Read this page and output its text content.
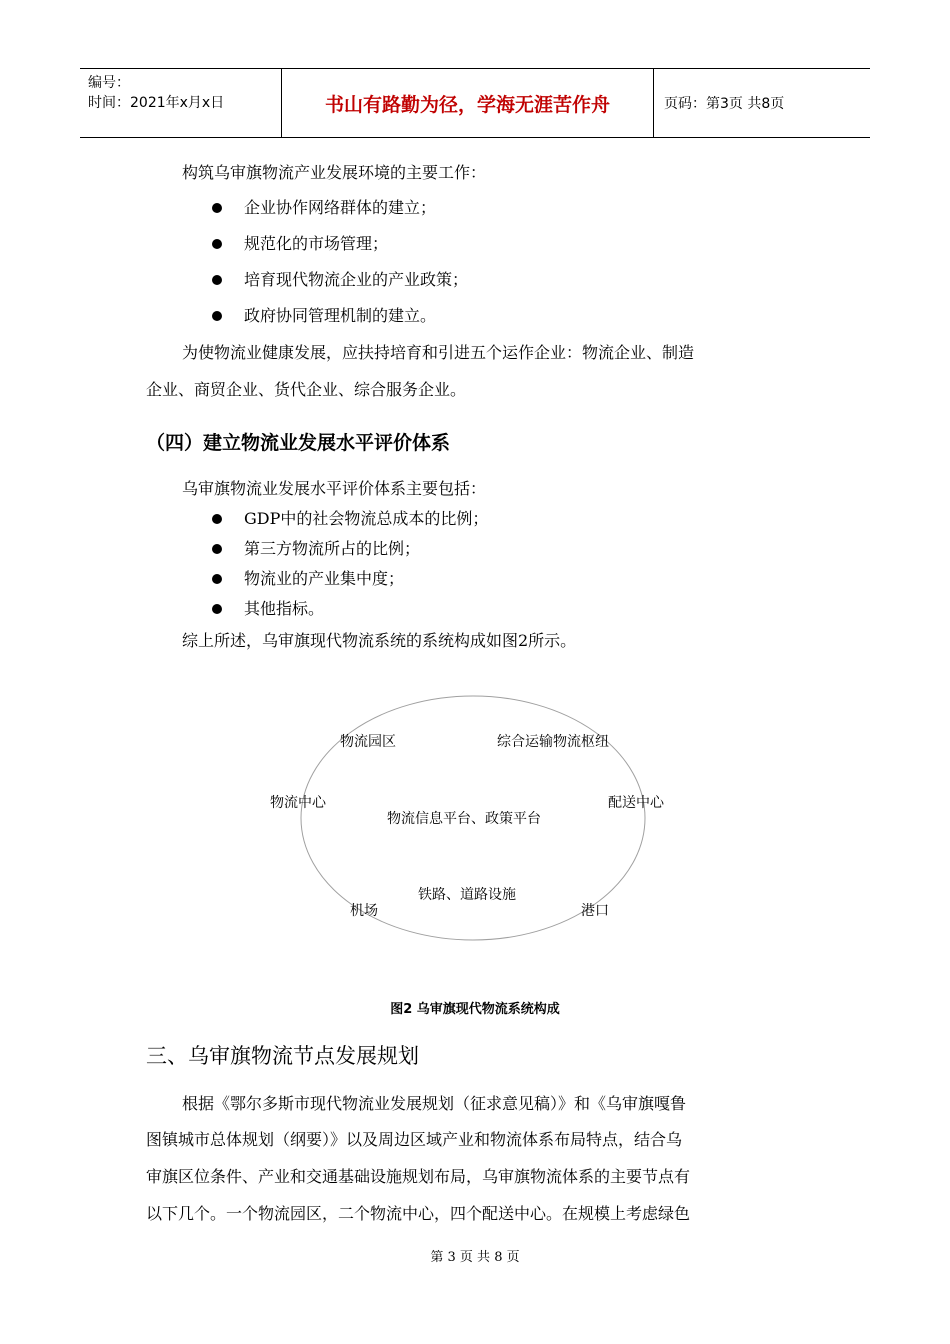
编号：
时间：2021年x月x日	书山有路勤为径，学海无涯苦作舟	页码：第3页 共8页
构筑乌审旗物流产业发展环境的主要工作：
企业协作网络群体的建立；
规范化的市场管理；
培育现代物流企业的产业政策；
政府协同管理机制的建立。
为使物流业健康发展，应扶持培育和引进五个运作企业：物流企业、制造
企业、商贸企业、货代企业、综合服务企业。
（四）建立物流业发展水平评价体系
乌审旗物流业发展水平评价体系主要包括：
GDP中的社会物流总成本的比例；
第三方物流所占的比例；
物流业的产业集中度；
其他指标。
综上所述，乌审旗现代物流系统的系统构成如图2所示。
物流园区	综合运输物流枢纽
物流中心	配送中心
物流信息平台、政策平台
铁路、道路设施
机场	港口
图2 乌审旗现代物流系统构成
三、乌审旗物流节点发展规划
根据《鄂尔多斯市现代物流业发展规划（征求意见稿）》和《乌审旗嘎鲁
图镇城市总体规划（纲要）》以及周边区域产业和物流体系布局特点，结合乌
审旗区位条件、产业和交通基础设施规划布局，乌审旗物流体系的主要节点有
以下几个。一个物流园区，二个物流中心，四个配送中心。在规模上考虑绿色
第 3 页 共 8 页
